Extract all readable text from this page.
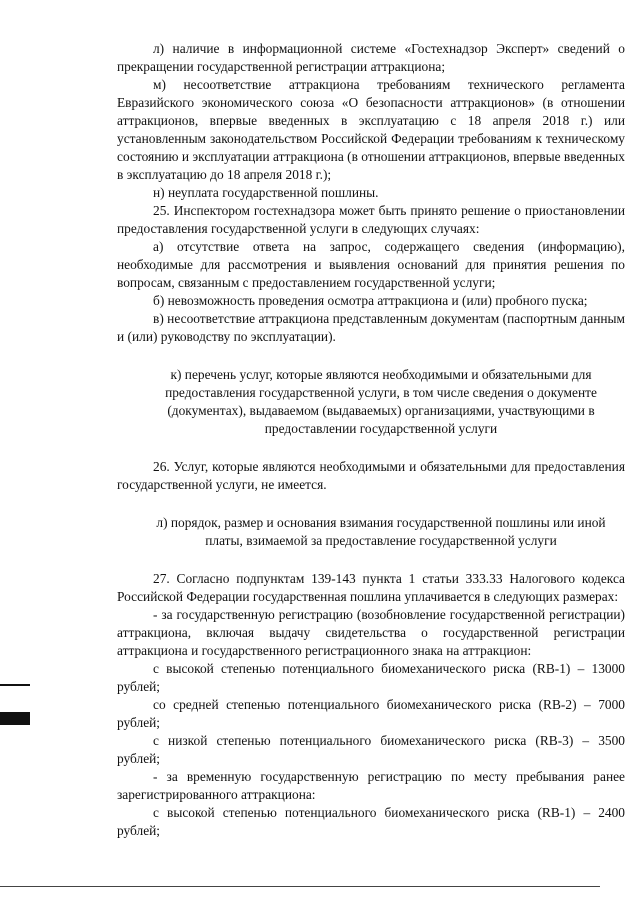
л) наличие в информационной системе «Гостехнадзор Эксперт» сведений о прекращении государственной регистрации аттракциона;

м) несоответствие аттракциона требованиям технического регламента Евразийского экономического союза «О безопасности аттракционов» (в отношении аттракционов, впервые введенных в эксплуатацию с 18 апреля 2018 г.) или установленным законодательством Российской Федерации требованиям к техническому состоянию и эксплуатации аттракциона (в отношении аттракционов, впервые введенных в эксплуатацию до 18 апреля 2018 г.);

н) неуплата государственной пошлины.

25. Инспектором гостехнадзора может быть принято решение о приостановлении предоставления государственной услуги в следующих случаях:

а) отсутствие ответа на запрос, содержащего сведения (информацию), необходимые для рассмотрения и выявления оснований для принятия решения по вопросам, связанным с предоставлением государственной услуги;

б) невозможность проведения осмотра аттракциона и (или) пробного пуска;

в) несоответствие аттракциона представленным документам (паспортным данным и (или) руководству по эксплуатации).

к) перечень услуг, которые являются необходимыми и обязательными для предоставления государственной услуги, в том числе сведения о документе (документах), выдаваемом (выдаваемых) организациями, участвующими в предоставлении государственной услуги

26. Услуг, которые являются необходимыми и обязательными для предоставления государственной услуги, не имеется.

л) порядок, размер и основания взимания государственной пошлины или иной платы, взимаемой за предоставление государственной услуги

27. Согласно подпунктам 139-143 пункта 1 статьи 333.33 Налогового кодекса Российской Федерации государственная пошлина уплачивается в следующих размерах:

- за государственную регистрацию (возобновление государственной регистрации) аттракциона, включая выдачу свидетельства о государственной регистрации аттракциона и государственного регистрационного знака на аттракцион:

с высокой степенью потенциального биомеханического риска (RB-1) – 13000 рублей;

со средней степенью потенциального биомеханического риска (RB-2) – 7000 рублей;

с низкой степенью потенциального биомеханического риска (RB-3) – 3500 рублей;

- за временную государственную регистрацию по месту пребывания ранее зарегистрированного аттракциона:

с высокой степенью потенциального биомеханического риска (RB-1) – 2400 рублей;
